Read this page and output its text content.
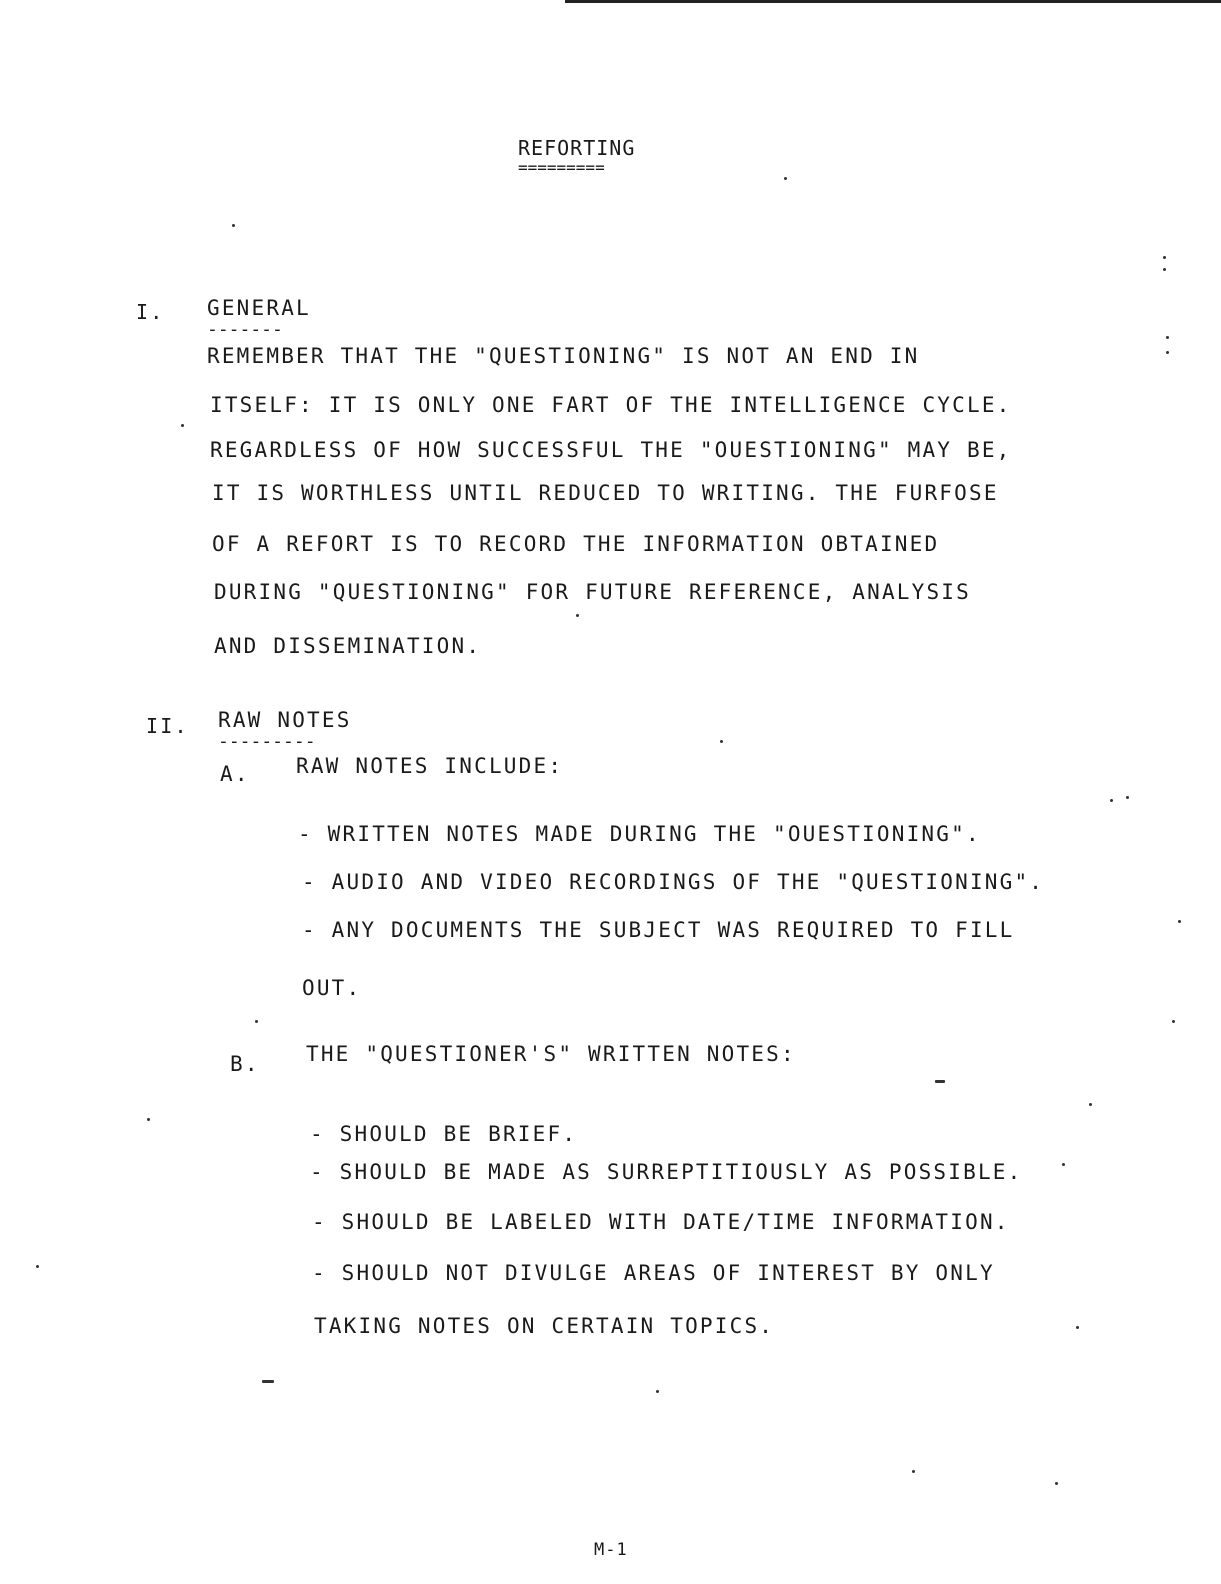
REFORTING

=========

I. GENERAL

-------

REMEMBER THAT THE "QUESTIONING" IS NOT AN END IN

ITSELF: IT IS ONLY ONE FART OF THE INTELLIGENCE CYCLE.

REGARDLESS OF HOW SUCCESSFUL THE "OUESTIONING" MAY BE,

IT IS WORTHLESS UNTIL REDUCED TO WRITING. THE FURFOSE

OF A REFORT IS TO RECORD THE INFORMATION OBTAINED

DURING "QUESTIONING" FOR FUTURE REFERENCE, ANALYSIS

AND DISSEMINATION.

II. RAW NOTES

---------

A. RAW NOTES INCLUDE:

- WRITTEN NOTES MADE DURING THE "OUESTIONING".

- AUDIO AND VIDEO RECORDINGS OF THE "QUESTIONING".

- ANY DOCUMENTS THE SUBJECT WAS REQUIRED TO FILL

OUT.

B. THE "QUESTIONER'S" WRITTEN NOTES:

- SHOULD BE BRIEF.

- SHOULD BE MADE AS SURREPTITIOUSLY AS POSSIBLE.

- SHOULD BE LABELED WITH DATE/TIME INFORMATION.

- SHOULD NOT DIVULGE AREAS OF INTEREST BY ONLY

TAKING NOTES ON CERTAIN TOPICS.

M-1
